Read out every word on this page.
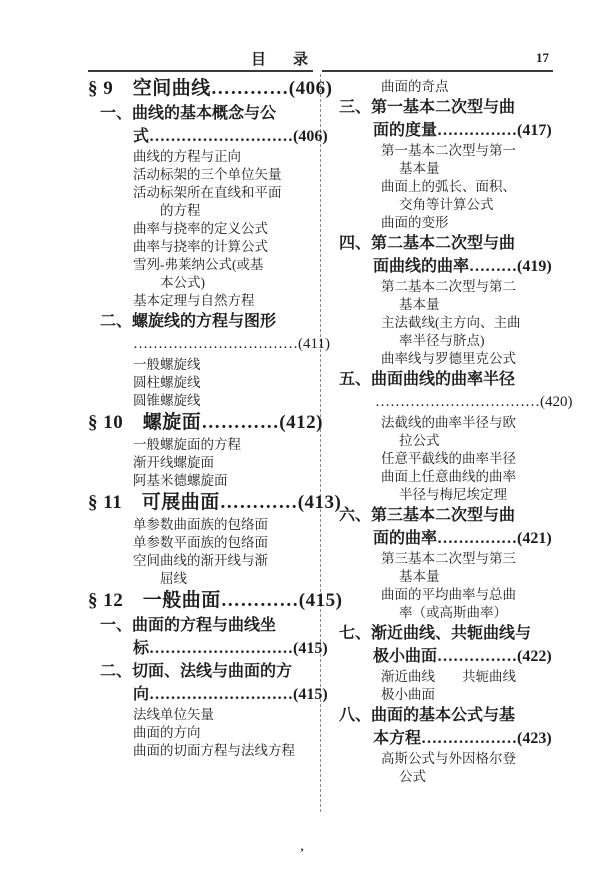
目　录	17
§ 9　空间曲线…………(406)
一、曲线的基本概念与公
式………………………(406)
曲线的方程与正向
活动标架的三个单位矢量
活动标架所在直线和平面
的方程
曲率与挠率的定义公式
曲率与挠率的计算公式
雪列-弗莱纳公式(或基
本公式)
基本定理与自然方程
二、螺旋线的方程与图形
……………………………(411)
一般螺旋线
圆柱螺旋线
圆锥螺旋线
§ 10　螺旋面…………(412)
一般螺旋面的方程
渐开线螺旋面
阿基米德螺旋面
§ 11　可展曲面…………(413)
单参数曲面族的包络面
单参数平面族的包络面
空间曲线的渐开线与渐
屈线
§ 12　一般曲面…………(415)
一、曲面的方程与曲线坐
标………………………(415)
二、切面、法线与曲面的方
向………………………(415)
法线单位矢量
曲面的方向
曲面的切面方程与法线方程
曲面的奇点
三、第一基本二次型与曲
面的度量……………(417)
第一基本二次型与第一
基本量
曲面上的弧长、面积、
交角等计算公式
曲面的变形
四、第二基本二次型与曲
面曲线的曲率………(419)
第二基本二次型与第二
基本量
主法截线(主方向、主曲
率半径与脐点)
曲率线与罗德里克公式
五、曲面曲线的曲率半径
……………………………(420)
法截线的曲率半径与欧
拉公式
任意平截线的曲率半径
曲面上任意曲线的曲率
半径与梅尼埃定理
六、第三基本二次型与曲
面的曲率……………(421)
第三基本二次型与第三
基本量
曲面的平均曲率与总曲
率（或高斯曲率）
七、渐近曲线、共轭曲线与
极小曲面……………(422)
渐近曲线　　共轭曲线
极小曲面
八、曲面的基本公式与基
本方程………………(423)
高斯公式与外因格尔登
公式
’
